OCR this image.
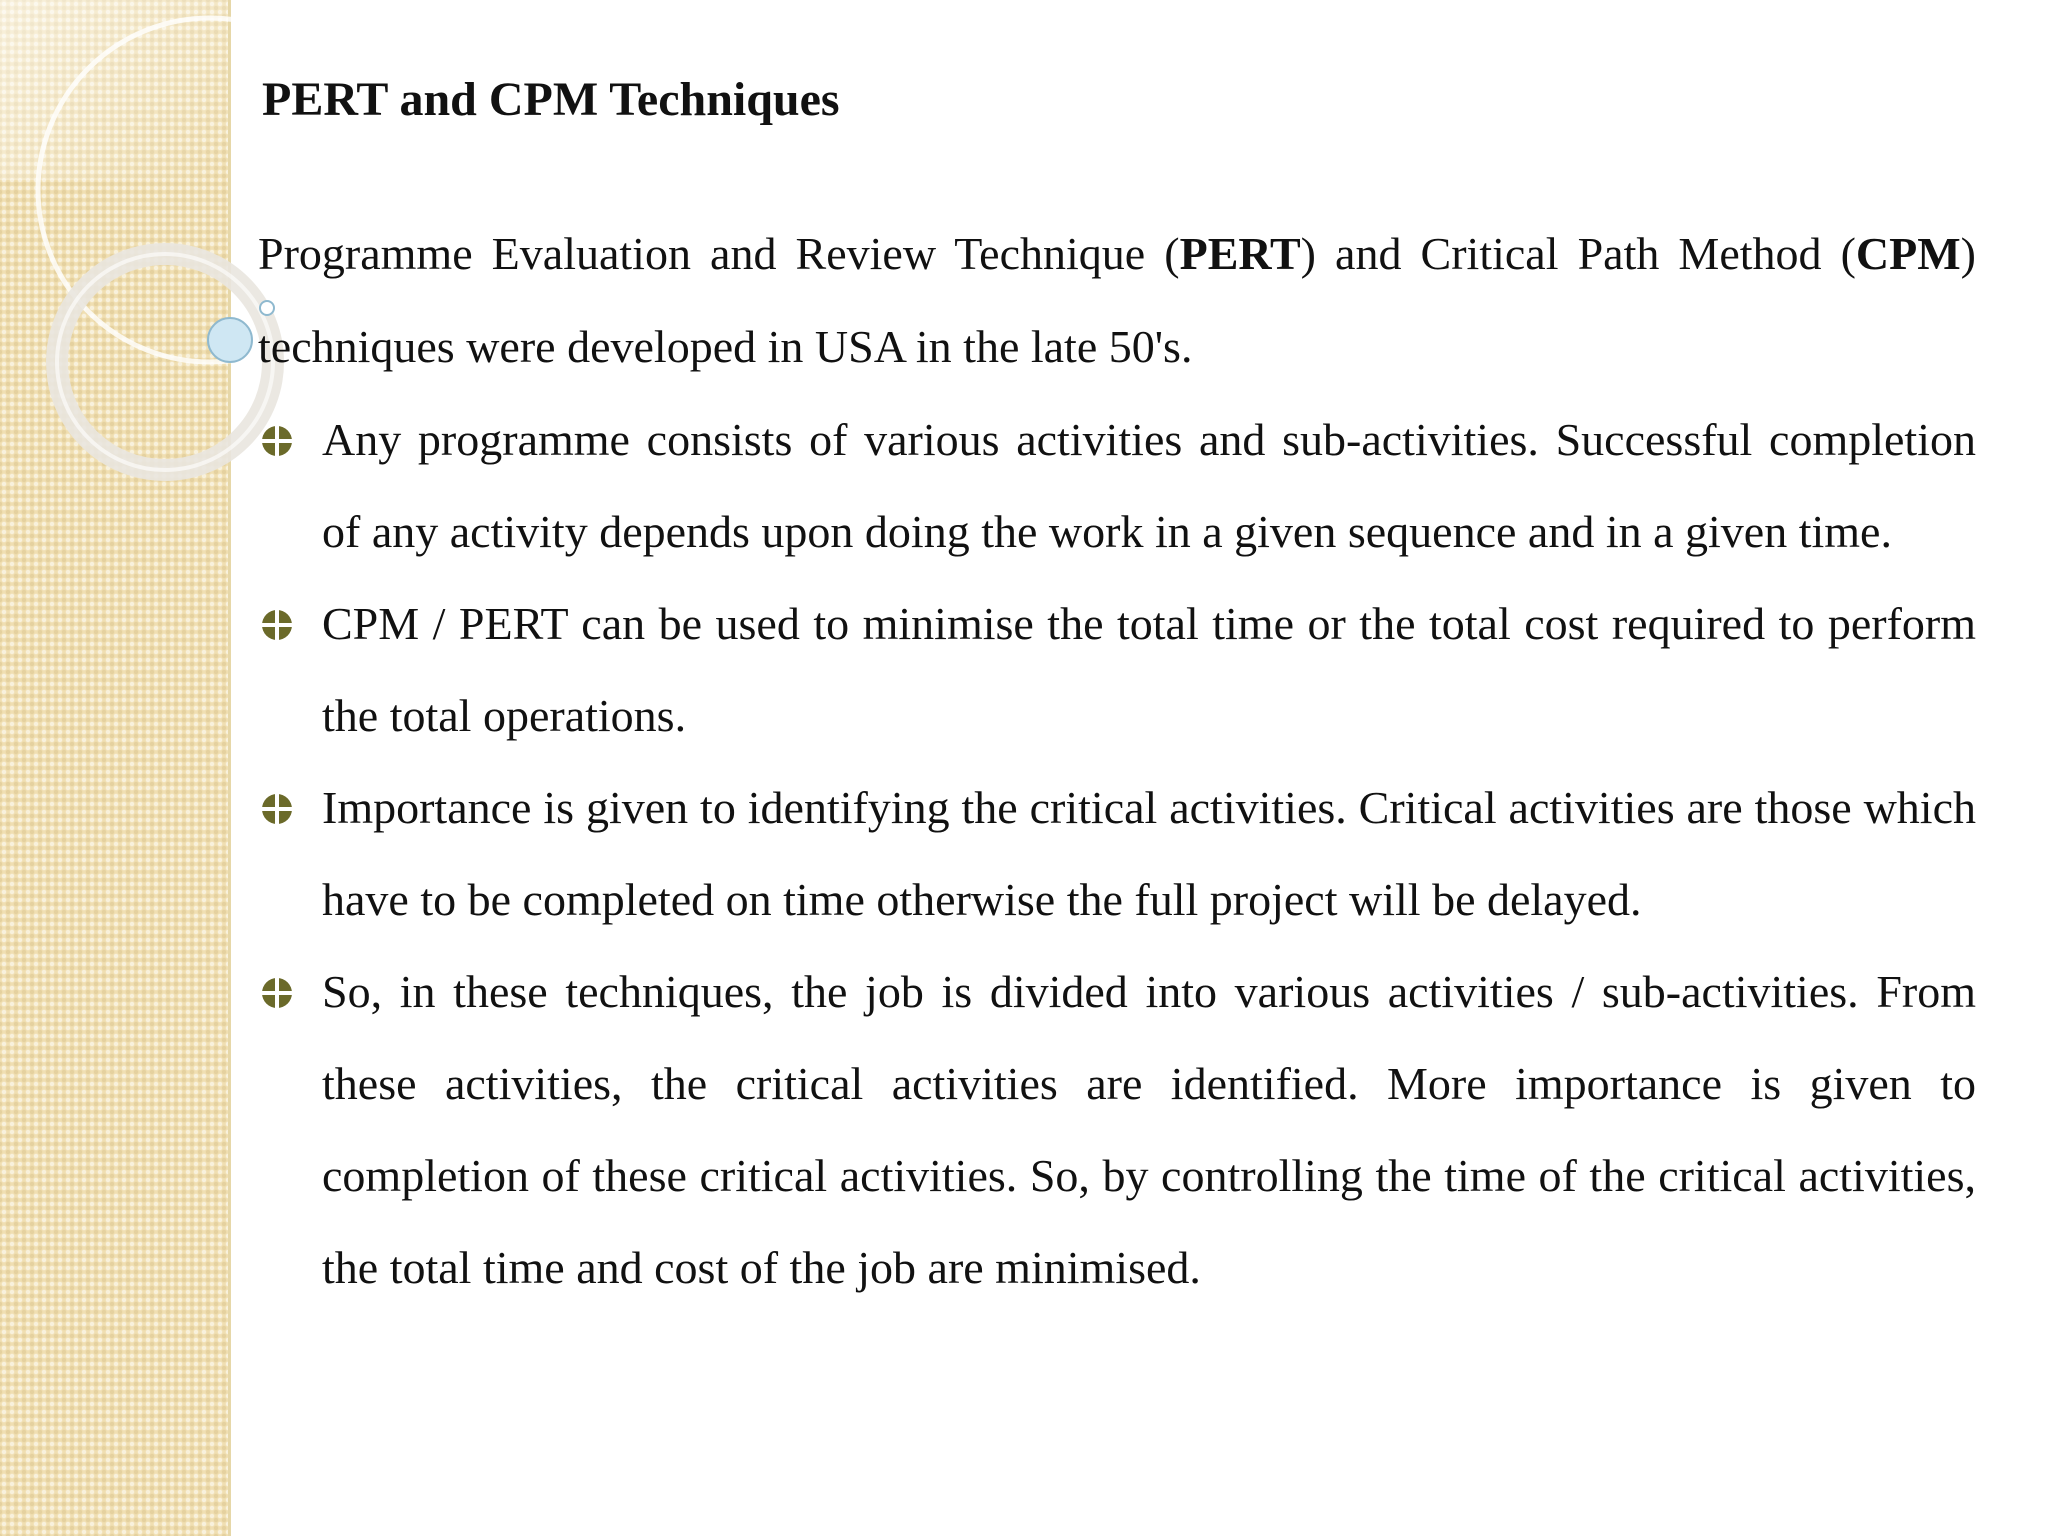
PERT and CPM Techniques

Programme Evaluation and Review Technique (PERT) and Critical Path Method (CPM) techniques were developed in USA in the late 50's.

Any programme consists of various activities and sub-activities. Successful completion of any activity depends upon doing the work in a given sequence and in a given time.
CPM / PERT can be used to minimise the total time or the total cost required to perform the total operations.
Importance is given to identifying the critical activities. Critical activities are those which have to be completed on time otherwise the full project will be delayed.
So, in these techniques, the job is divided into various activities / sub-activities. From these activities, the critical activities are identified. More importance is given to completion of these critical activities. So, by controlling the time of the critical activities, the total time and cost of the job are minimised.
